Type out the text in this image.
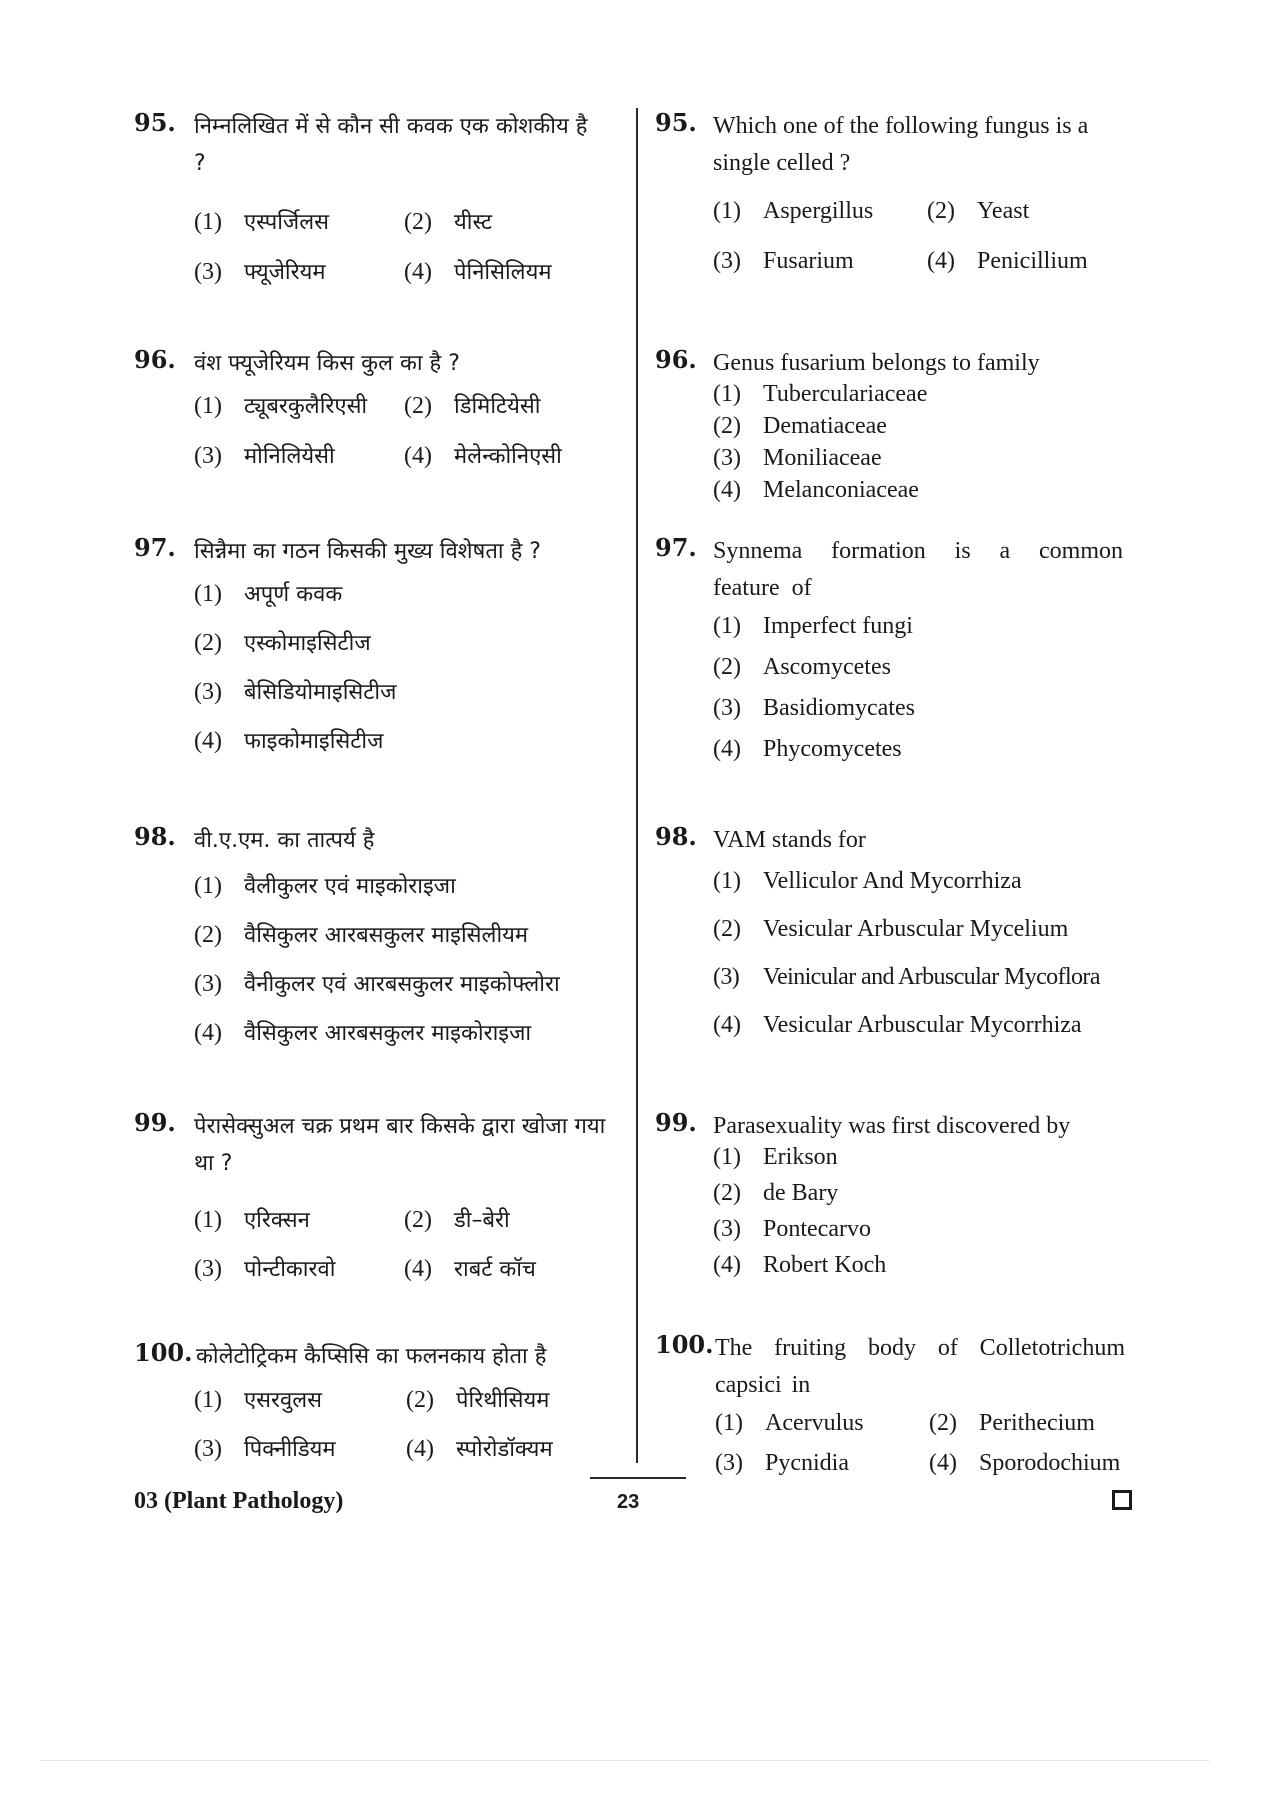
95. निम्नलिखित में से कौन सी कवक एक कोशकीय है ?
(1) एस्पर्जिलस	(2) यीस्ट
(3) फ्यूजेरियम	(4) पेनिसिलियम
95. Which one of the following fungus is a single celled ?
(1) Aspergillus (2) Yeast
(3) Fusarium	(4) Penicillium
96. वंश फ्यूजेरियम किस कुल का है ?
(1) ट्यूबरकुलैरिएसी (2) डिमिटियेसी
(3) मोनिलियेसी	(4) मेलेन्कोनिएसी
96. Genus fusarium belongs to family
(1) Tuberculariaceae
(2) Dematiaceae
(3) Moniliaceae
(4) Melanconiaceae
97. सिन्नैमा का गठन किसकी मुख्य विशेषता है ?
(1) अपूर्ण कवक
(2) एस्कोमाइसिटीज
(3) बेसिडियोमाइसिटीज
(4) फाइकोमाइसिटीज
97. Synnema formation is a common feature of
(1) Imperfect fungi
(2) Ascomycetes
(3) Basidiomycates
(4) Phycomycetes
98. वी.ए.एम. का तात्पर्य है
(1) वैलीकुलर एवं माइकोराइजा
(2) वैसिकुलर आरबसकुलर माइसिलीयम
(3) वैनीकुलर एवं आरबसकुलर माइकोफ्लोरा
(4) वैसिकुलर आरबसकुलर माइकोराइजा
98. VAM stands for
(1) Velliculor And Mycorrhiza
(2) Vesicular Arbuscular Mycelium
(3) Veinicular and Arbuscular Mycoflora
(4) Vesicular Arbuscular Mycorrhiza
99. पेरासेक्सुअल चक्र प्रथम बार किसके द्वारा खोजा गया था ?
(1) एरिक्सन	(2) डी–बेरी
(3) पोन्टीकारवो	(4) राबर्ट कॉच
99. Parasexuality was first discovered by
(1) Erikson
(2) de Bary
(3) Pontecarvo
(4) Robert Koch
100. कोलेटोट्रिकम कैप्सिसि का फलनकाय होता है
(1) एसरवुलस	(2) पेरिथीसियम
(3) पिक्नीडियम	(4) स्पोरोडॉक्यम
100. The fruiting body of Colletotrichum capsici in
(1) Acervulus	(2) Perithecium
(3) Pycnidia	(4) Sporodochium
03 (Plant Pathology)	23
